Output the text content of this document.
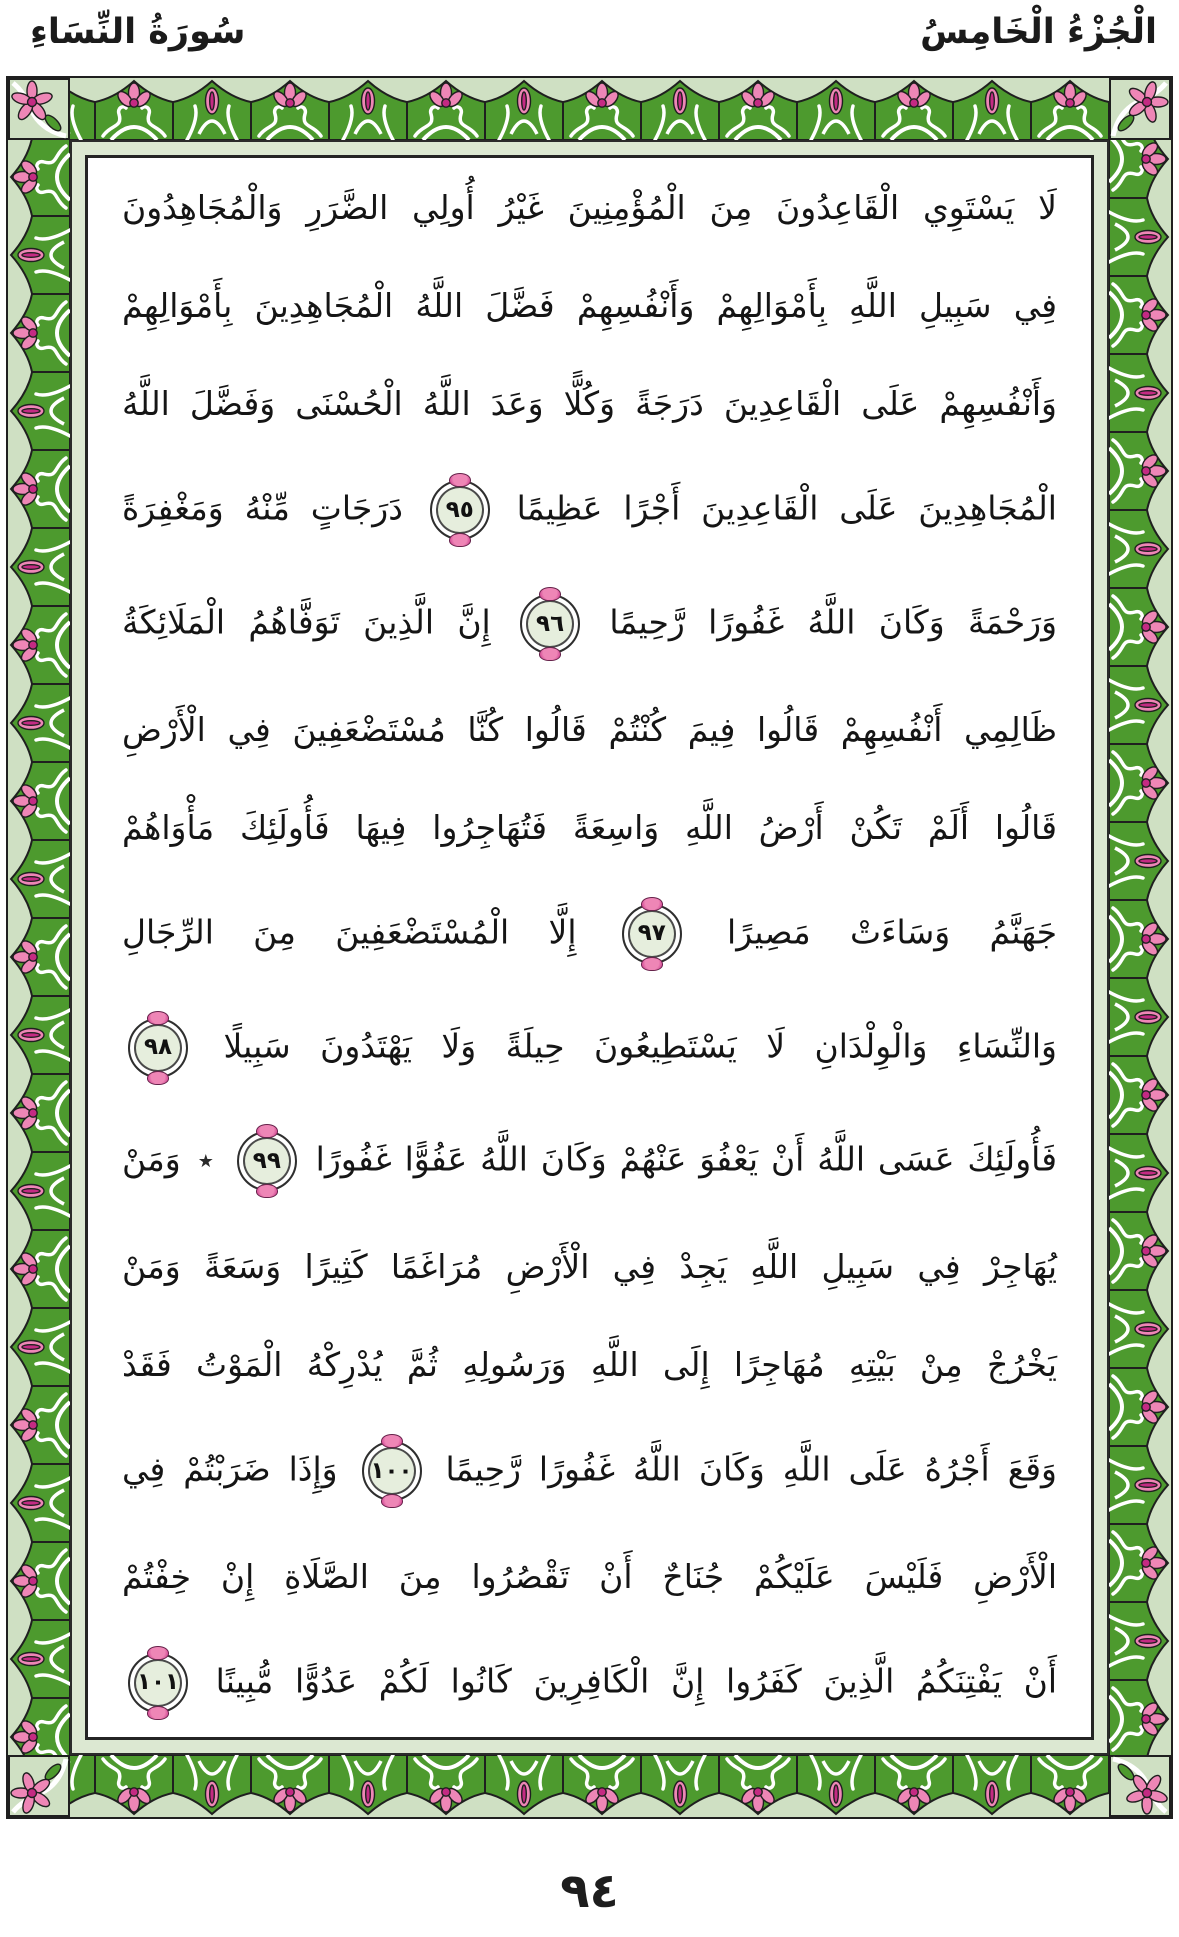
الْجُزْءُ الْخَامِسُ
سُورَةُ النِّسَاءِ
لَا يَسْتَوِي الْقَاعِدُونَ مِنَ الْمُؤْمِنِينَ غَيْرُ أُولِي الضَّرَرِ وَالْمُجَاهِدُونَ
فِي سَبِيلِ اللَّهِ بِأَمْوَالِهِمْ وَأَنْفُسِهِمْ فَضَّلَ اللَّهُ الْمُجَاهِدِينَ بِأَمْوَالِهِمْ
وَأَنْفُسِهِمْ عَلَى الْقَاعِدِينَ دَرَجَةً وَكُلًّا وَعَدَ اللَّهُ الْحُسْنَى وَفَضَّلَ اللَّهُ
الْمُجَاهِدِينَ عَلَى الْقَاعِدِينَ أَجْرًا عَظِيمًا ٩٥ دَرَجَاتٍ مِّنْهُ وَمَغْفِرَةً
وَرَحْمَةً وَكَانَ اللَّهُ غَفُورًا رَّحِيمًا ٩٦ إِنَّ الَّذِينَ تَوَفَّاهُمُ الْمَلَائِكَةُ
ظَالِمِي أَنْفُسِهِمْ قَالُوا فِيمَ كُنْتُمْ قَالُوا كُنَّا مُسْتَضْعَفِينَ فِي الْأَرْضِ
قَالُوا أَلَمْ تَكُنْ أَرْضُ اللَّهِ وَاسِعَةً فَتُهَاجِرُوا فِيهَا فَأُولَئِكَ مَأْوَاهُمْ
جَهَنَّمُ وَسَاءَتْ مَصِيرًا ٩٧ إِلَّا الْمُسْتَضْعَفِينَ مِنَ الرِّجَالِ
وَالنِّسَاءِ وَالْوِلْدَانِ لَا يَسْتَطِيعُونَ حِيلَةً وَلَا يَهْتَدُونَ سَبِيلًا ٩٨
فَأُولَئِكَ عَسَى اللَّهُ أَنْ يَعْفُوَ عَنْهُمْ وَكَانَ اللَّهُ عَفُوًّا غَفُورًا ٩٩ ٭ وَمَنْ
يُهَاجِرْ فِي سَبِيلِ اللَّهِ يَجِدْ فِي الْأَرْضِ مُرَاغَمًا كَثِيرًا وَسَعَةً وَمَنْ
يَخْرُجْ مِنْ بَيْتِهِ مُهَاجِرًا إِلَى اللَّهِ وَرَسُولِهِ ثُمَّ يُدْرِكْهُ الْمَوْتُ فَقَدْ
وَقَعَ أَجْرُهُ عَلَى اللَّهِ وَكَانَ اللَّهُ غَفُورًا رَّحِيمًا ١٠٠ وَإِذَا ضَرَبْتُمْ فِي
الْأَرْضِ فَلَيْسَ عَلَيْكُمْ جُنَاحٌ أَنْ تَقْصُرُوا مِنَ الصَّلَاةِ إِنْ خِفْتُمْ
أَنْ يَفْتِنَكُمُ الَّذِينَ كَفَرُوا إِنَّ الْكَافِرِينَ كَانُوا لَكُمْ عَدُوًّا مُّبِينًا ١٠١
٩٤
